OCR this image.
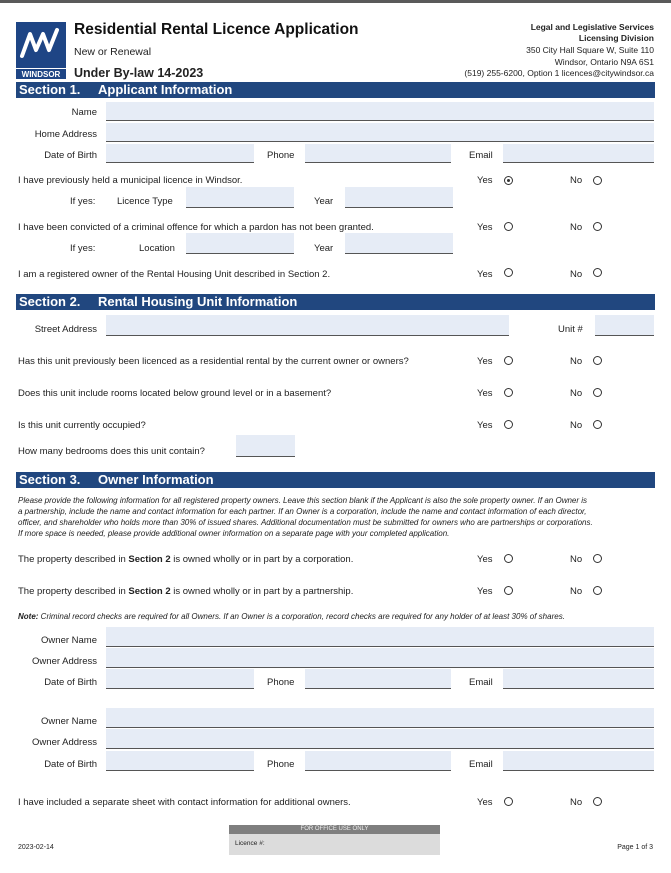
WINDSOR
Residential Rental Licence Application
New or Renewal
Under By-law 14-2023
Legal and Legislative Services
Licensing Division
350 City Hall Square W, Suite 110
Windsor, Ontario N9A 6S1
(519) 255-6200, Option 1 licences@citywindsor.ca
Section 1. Applicant Information
Name
Home Address
Date of Birth	Phone	Email
I have previously held a municipal licence in Windsor.	Yes	No
If yes: Licence Type	Year
I have been convicted of a criminal offence for which a pardon has not been granted.	Yes	No
If yes:	Location	Year
I am a registered owner of the Rental Housing Unit described in Section 2.	Yes	No
Section 2. Rental Housing Unit Information
Street Address	Unit #
Has this unit previously been licenced as a residential rental by the current owner or owners?	Yes	No
Does this unit include rooms located below ground level or in a basement?	Yes	No
Is this unit currently occupied?	Yes	No
How many bedrooms does this unit contain?
Section 3. Owner Information
Please provide the following information for all registered property owners. Leave this section blank if the Applicant is also the sole property owner. If an Owner is
a partnership, include the name and contact information for each partner. If an Owner is a corporation, include the name and contact information of each director,
officer, and shareholder who holds more than 30% of issued shares. Additional documentation must be submitted for owners who are partnerships or corporations.
If more space is needed, please provide additional owner information on a separate page with your completed application.
The property described in Section 2 is owned wholly or in part by a corporation.	Yes	No
The property described in Section 2 is owned wholly or in part by a partnership.	Yes	No
Note: Criminal record checks are required for all Owners. If an Owner is a corporation, record checks are required for any holder of at least 30% of shares.
Owner Name
Owner Address
Date of Birth	Phone	Email
Owner Name
Owner Address
Date of Birth	Phone	Email
I have included a separate sheet with contact information for additional owners.	Yes	No
FOR OFFICE USE ONLY
Licence #:
2023-02-14	Page 1 of 3
